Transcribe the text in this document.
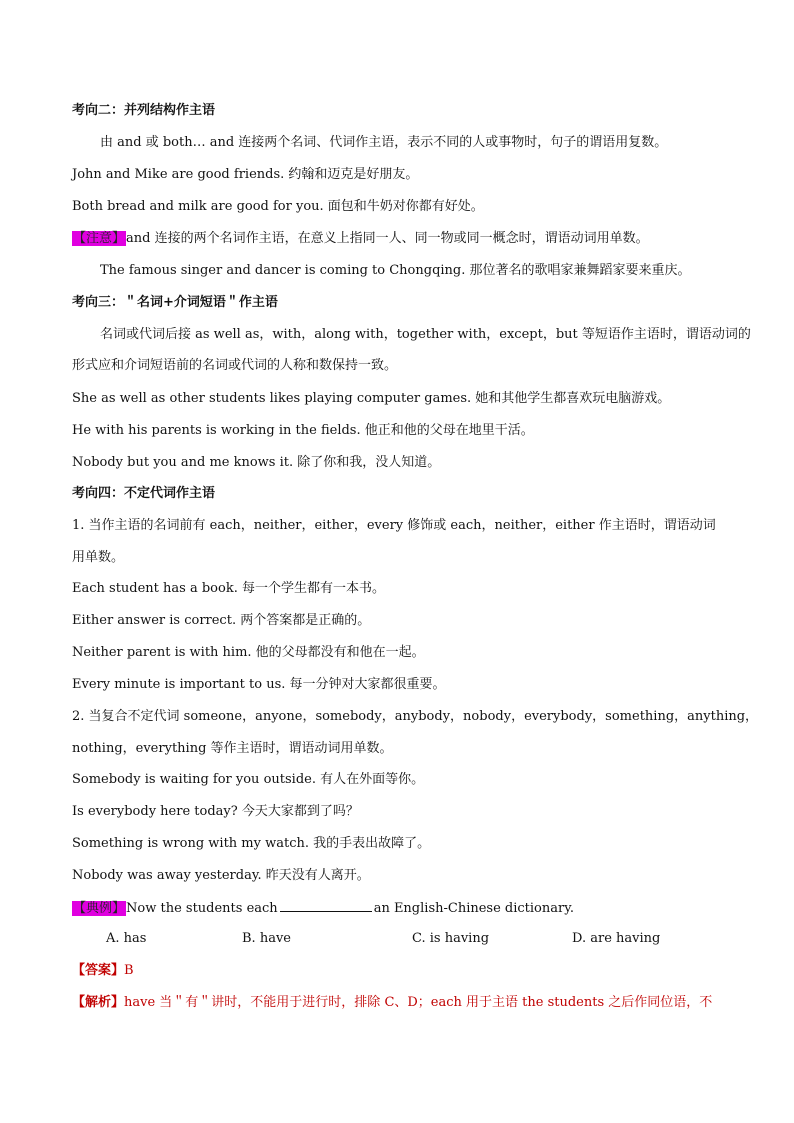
考向二：并列结构作主语
由 and 或 both… and 连接两个名词、代词作主语，表示不同的人或事物时，句子的谓语用复数。
John and Mike are good friends. 约翰和迈克是好朋友。
Both bread and milk are good for you. 面包和牛奶对你都有好处。
【注意】and 连接的两个名词作主语，在意义上指同一人、同一物或同一概念时，谓语动词用单数。
The famous singer and dancer is coming to Chongqing. 那位著名的歌唱家兼舞蹈家要来重庆。
考向三：＂名词+介词短语＂作主语
名词或代词后接 as well as，with，along with，together with，except，but 等短语作主语时，谓语动词的
形式应和介词短语前的名词或代词的人称和数保持一致。
She as well as other students likes playing computer games. 她和其他学生都喜欢玩电脑游戏。
He with his parents is working in the fields. 他正和他的父母在地里干活。
Nobody but you and me knows it. 除了你和我，没人知道。
考向四：不定代词作主语
1. 当作主语的名词前有 each，neither，either，every 修饰或 each，neither，either 作主语时，谓语动词
用单数。
Each student has a book. 每一个学生都有一本书。
Either answer is correct. 两个答案都是正确的。
Neither parent is with him. 他的父母都没有和他在一起。
Every minute is important to us. 每一分钟对大家都很重要。
2. 当复合不定代词 someone，anyone，somebody，anybody，nobody，everybody，something，anything，
nothing，everything 等作主语时，谓语动词用单数。
Somebody is waiting for you outside. 有人在外面等你。
Is everybody here today? 今天大家都到了吗？
Something is wrong with my watch. 我的手表出故障了。
Nobody was away yesterday. 昨天没有人离开。
【典例】Now the students each	an English-Chinese dictionary.
A. has	B. have	C. is having	D. are having
【答案】B
【解析】have 当＂有＂讲时，不能用于进行时，排除 C、D；each 用于主语 the students 之后作同位语，不
